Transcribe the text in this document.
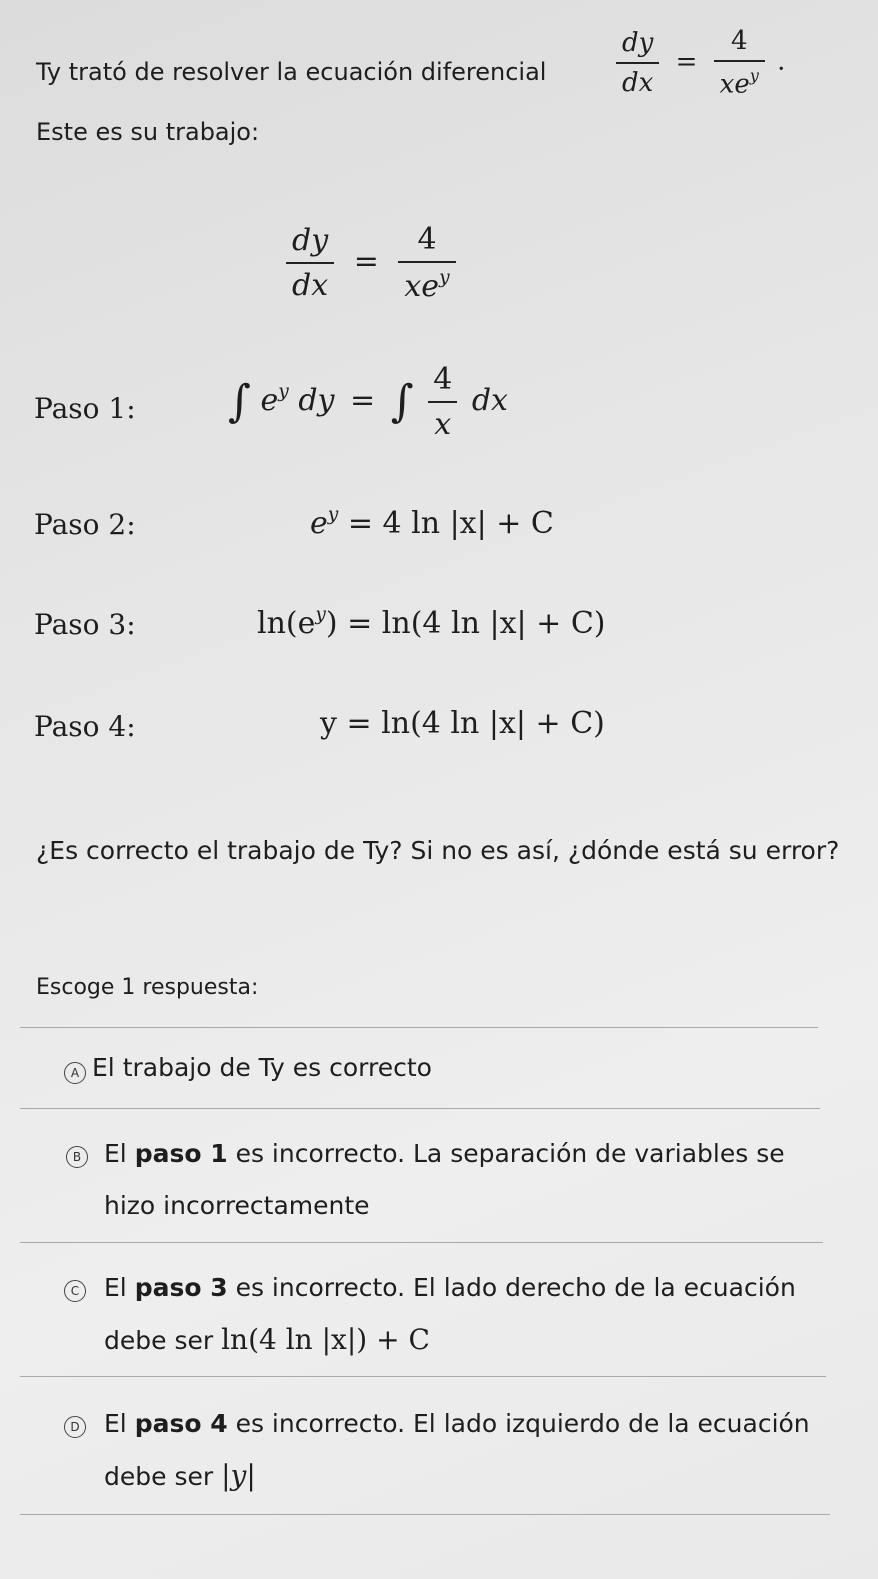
Ty trató de resolver la ecuación diferencial	$\frac{dy}{dx} = \frac{4}{xe^y}$ .
Este es su trabajo:
$\frac{dy}{dx} = \frac{4}{xe^y}$
Paso 1: ∫ $e^y$ dy = ∫ $\frac{4}{x}$ dx
Paso 2:	$e^y = 4$ ln |x| + C
Paso 3:	$\ln(e^y) = \ln(4$ ln |x| + C)
Paso 4:	y = ln(4 ln |x| + C)
¿Es correcto el trabajo de Ty? Si no es así, ¿dónde está su error?
Escoge 1 respuesta:
A El trabajo de Ty es correcto
B El paso 1 es incorrecto. La separación de variables se hizo incorrectamente
C El paso 3 es incorrecto. El lado derecho de la ecuación debe ser ln(4 ln |x|) + C
D El paso 4 es incorrecto. El lado izquierdo de la ecuación debe ser |y|
